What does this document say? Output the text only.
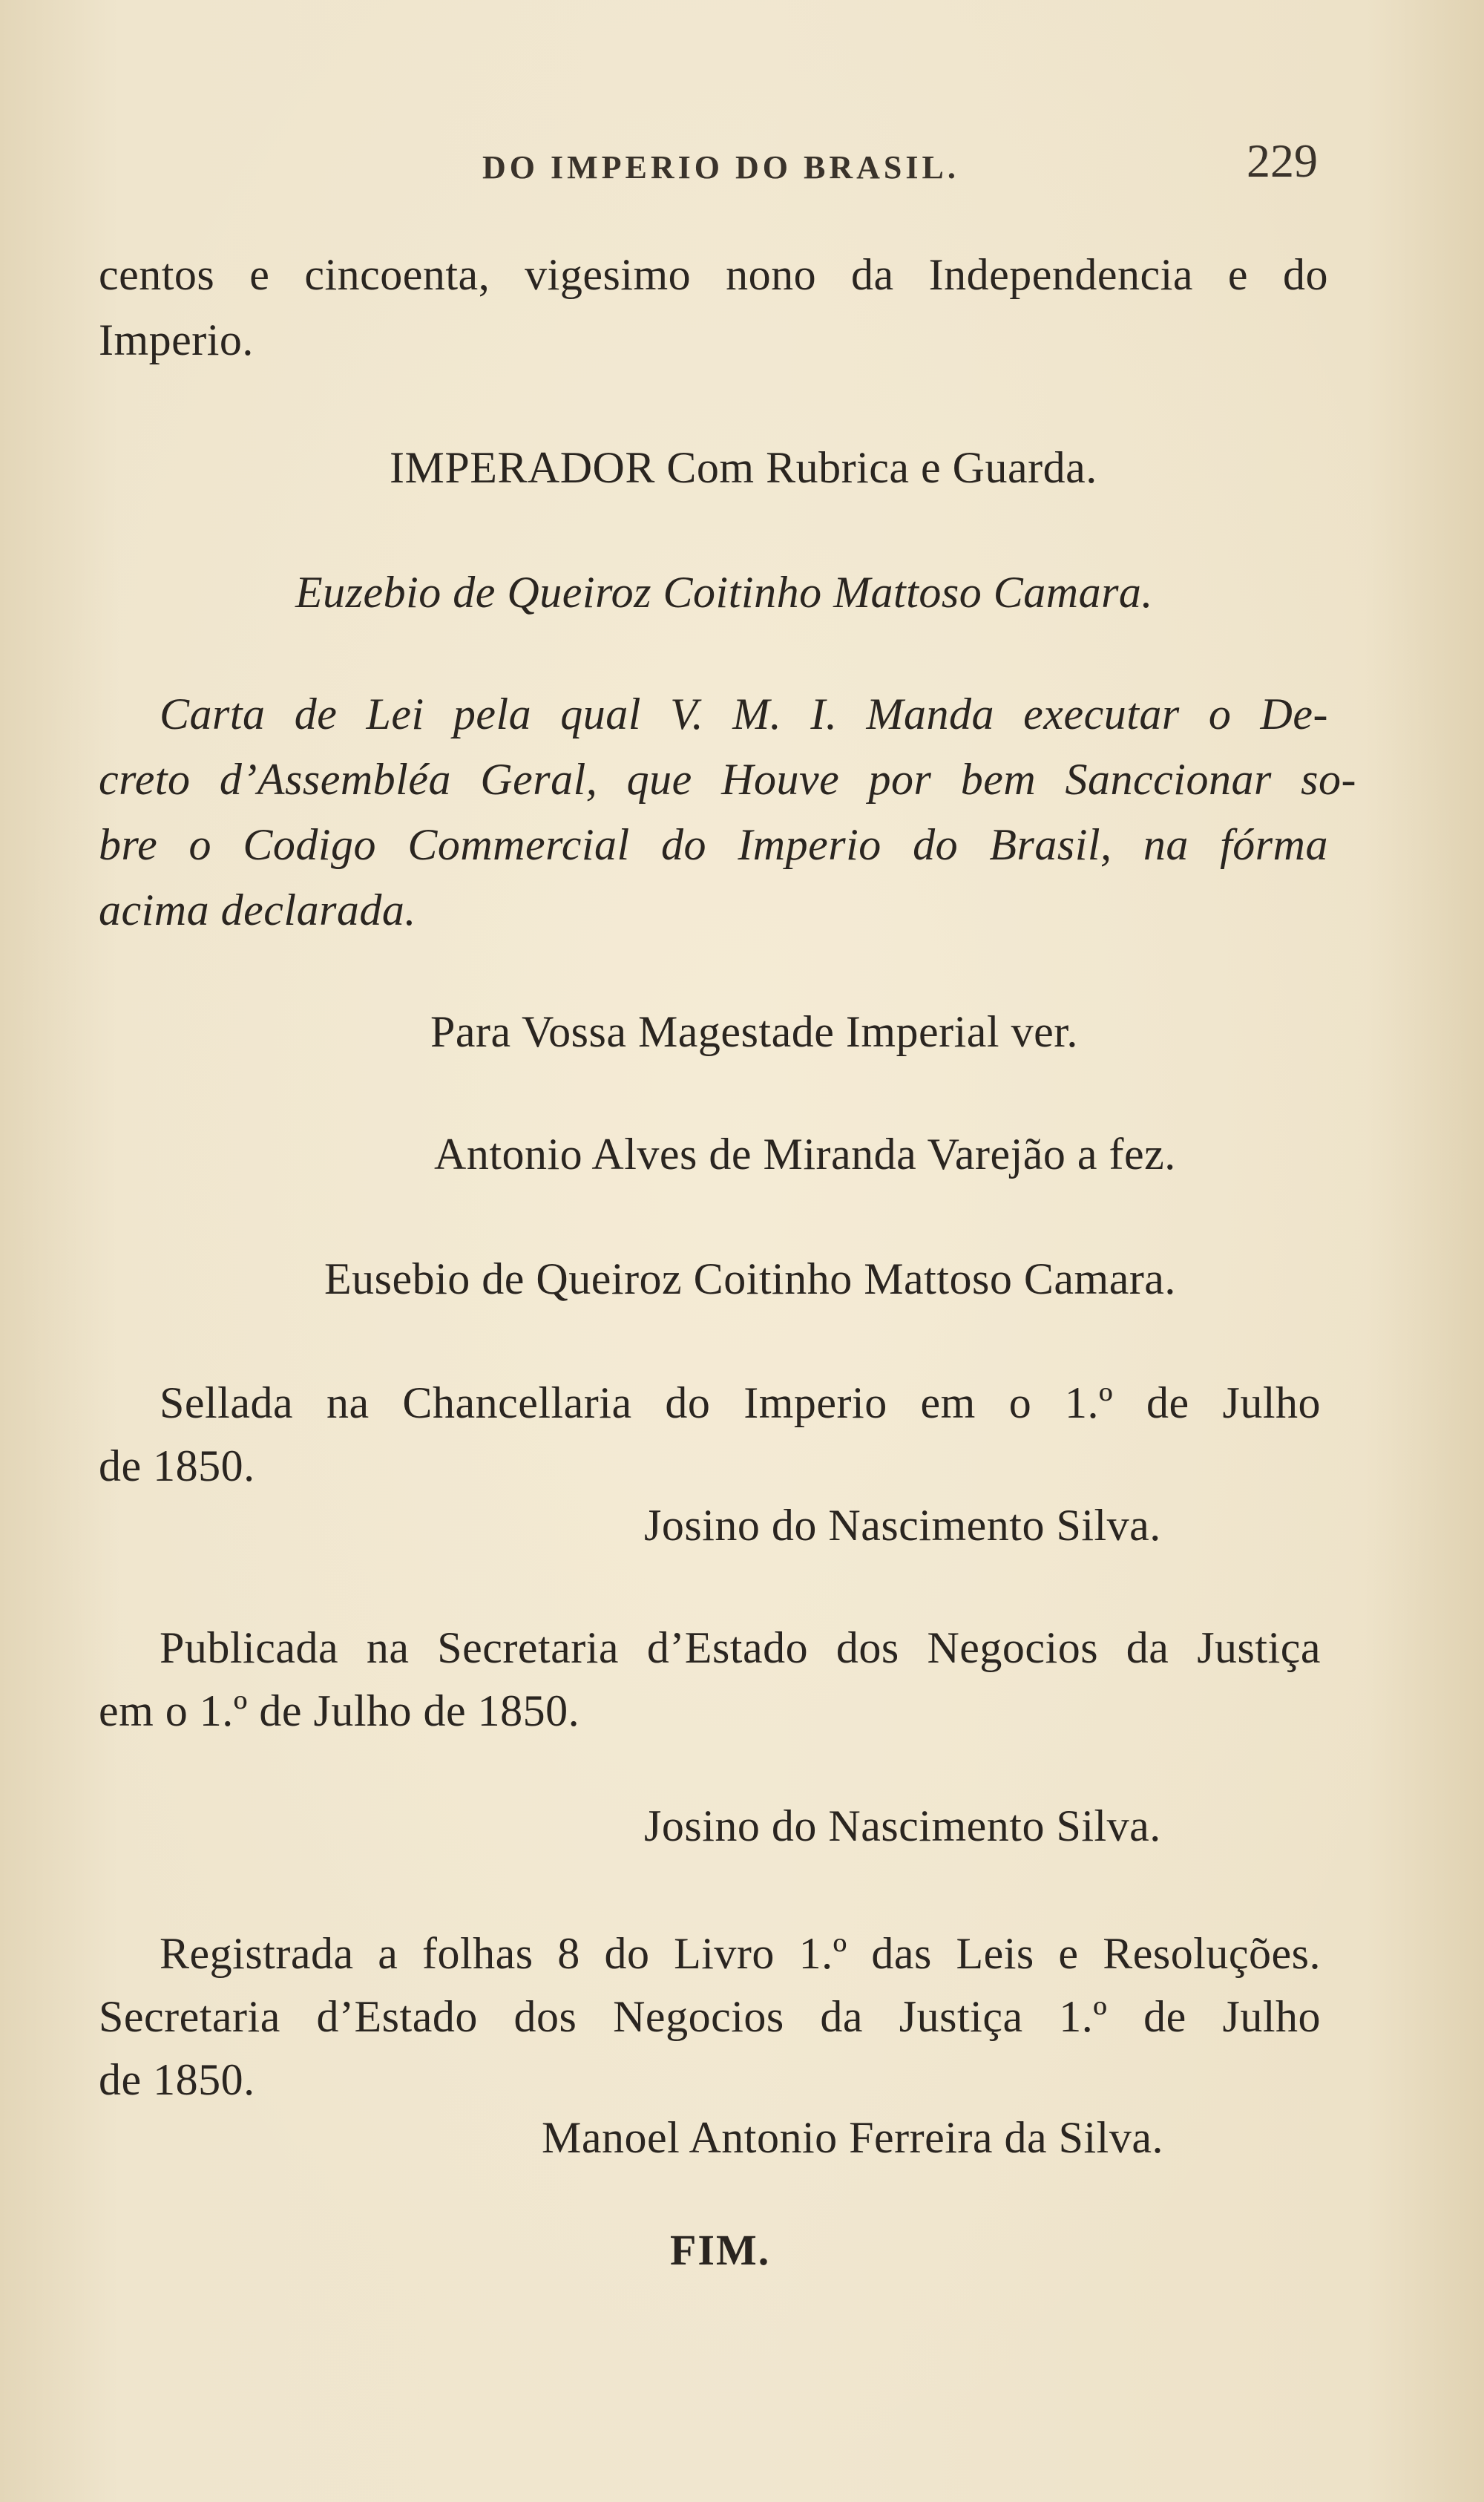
DO IMPERIO DO BRASIL.	229

centos e cincoenta, vigesimo nono da Independencia e do

Imperio.

IMPERADOR Com Rubrica e Guarda.

Euzebio de Queiroz Coitinho Mattoso Camara.

Carta de Lei pela qual V. M. I. Manda executar o De-

creto d’Assembléa Geral, que Houve por bem Sanccionar so-

bre o Codigo Commercial do Imperio do Brasil, na fórma

acima declarada.

Para Vossa Magestade Imperial ver.

Antonio Alves de Miranda Varejão a fez.

Eusebio de Queiroz Coitinho Mattoso Camara.

Sellada na Chancellaria do Imperio em o 1.º de Julho

de 1850.

Josino do Nascimento Silva.

Publicada na Secretaria d’Estado dos Negocios da Justiça

em o 1.º de Julho de 1850.

Josino do Nascimento Silva.

Registrada a folhas 8 do Livro 1.º das Leis e Resoluções.

Secretaria d’Estado dos Negocios da Justiça 1.º de Julho

de 1850.

Manoel Antonio Ferreira da Silva.

FIM.
